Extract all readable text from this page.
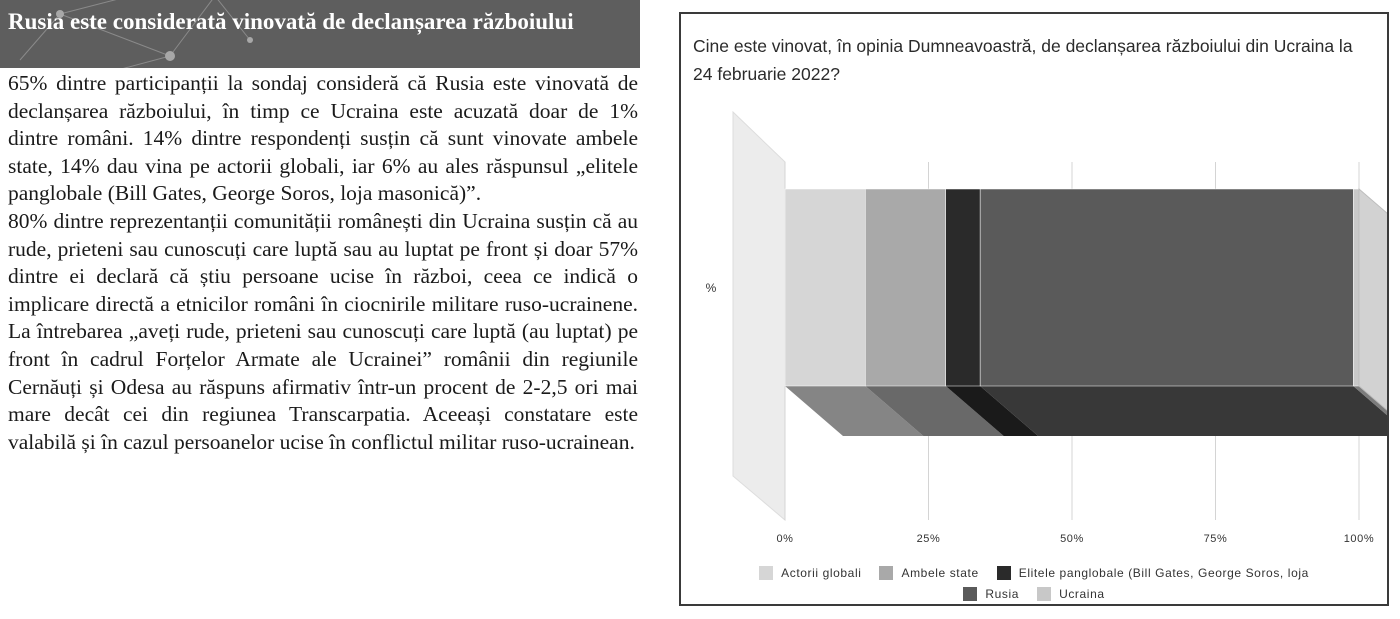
Rusia este considerată vinovată de declanșarea războiului

65% dintre participanții la sondaj consideră că Rusia este vinovată de declanșarea războiului, în timp ce Ucraina este acuzată doar de 1% dintre români. 14% dintre respondenți susțin că sunt vinovate ambele state, 14% dau vina pe actorii globali, iar 6% au ales răspunsul „elitele panglobale (Bill Gates, George Soros, loja masonică)”.

80% dintre reprezentanții comunității românești din Ucraina susțin că au rude, prieteni sau cunoscuți care luptă sau au luptat pe front și doar 57% dintre ei declară că știu persoane ucise în război, ceea ce indică o implicare directă a etnicilor români în ciocnirile militare ruso-ucrainene. La întrebarea „aveți rude, prieteni sau cunoscuți care luptă (au luptat) pe front în cadrul Forțelor Armate ale Ucrainei” românii din regiunile Cernăuți și Odesa au răspuns afirmativ într-un procent de 2-2,5 ori mai mare decât cei din regiunea Transcarpatia. Aceeași constatare este valabilă și în cazul persoanelor ucise în conflictul militar ruso-ucrainean.

Cine este vinovat, în opinia Dumneavoastră, de declanșarea războiului din Ucraina la 24 februarie 2022?
0%	25%	50%	75%	100%
%
Actorii globali	Ambele state	Elitele panglobale (Bill Gates, George Soros, loja
Rusia	Ucraina
